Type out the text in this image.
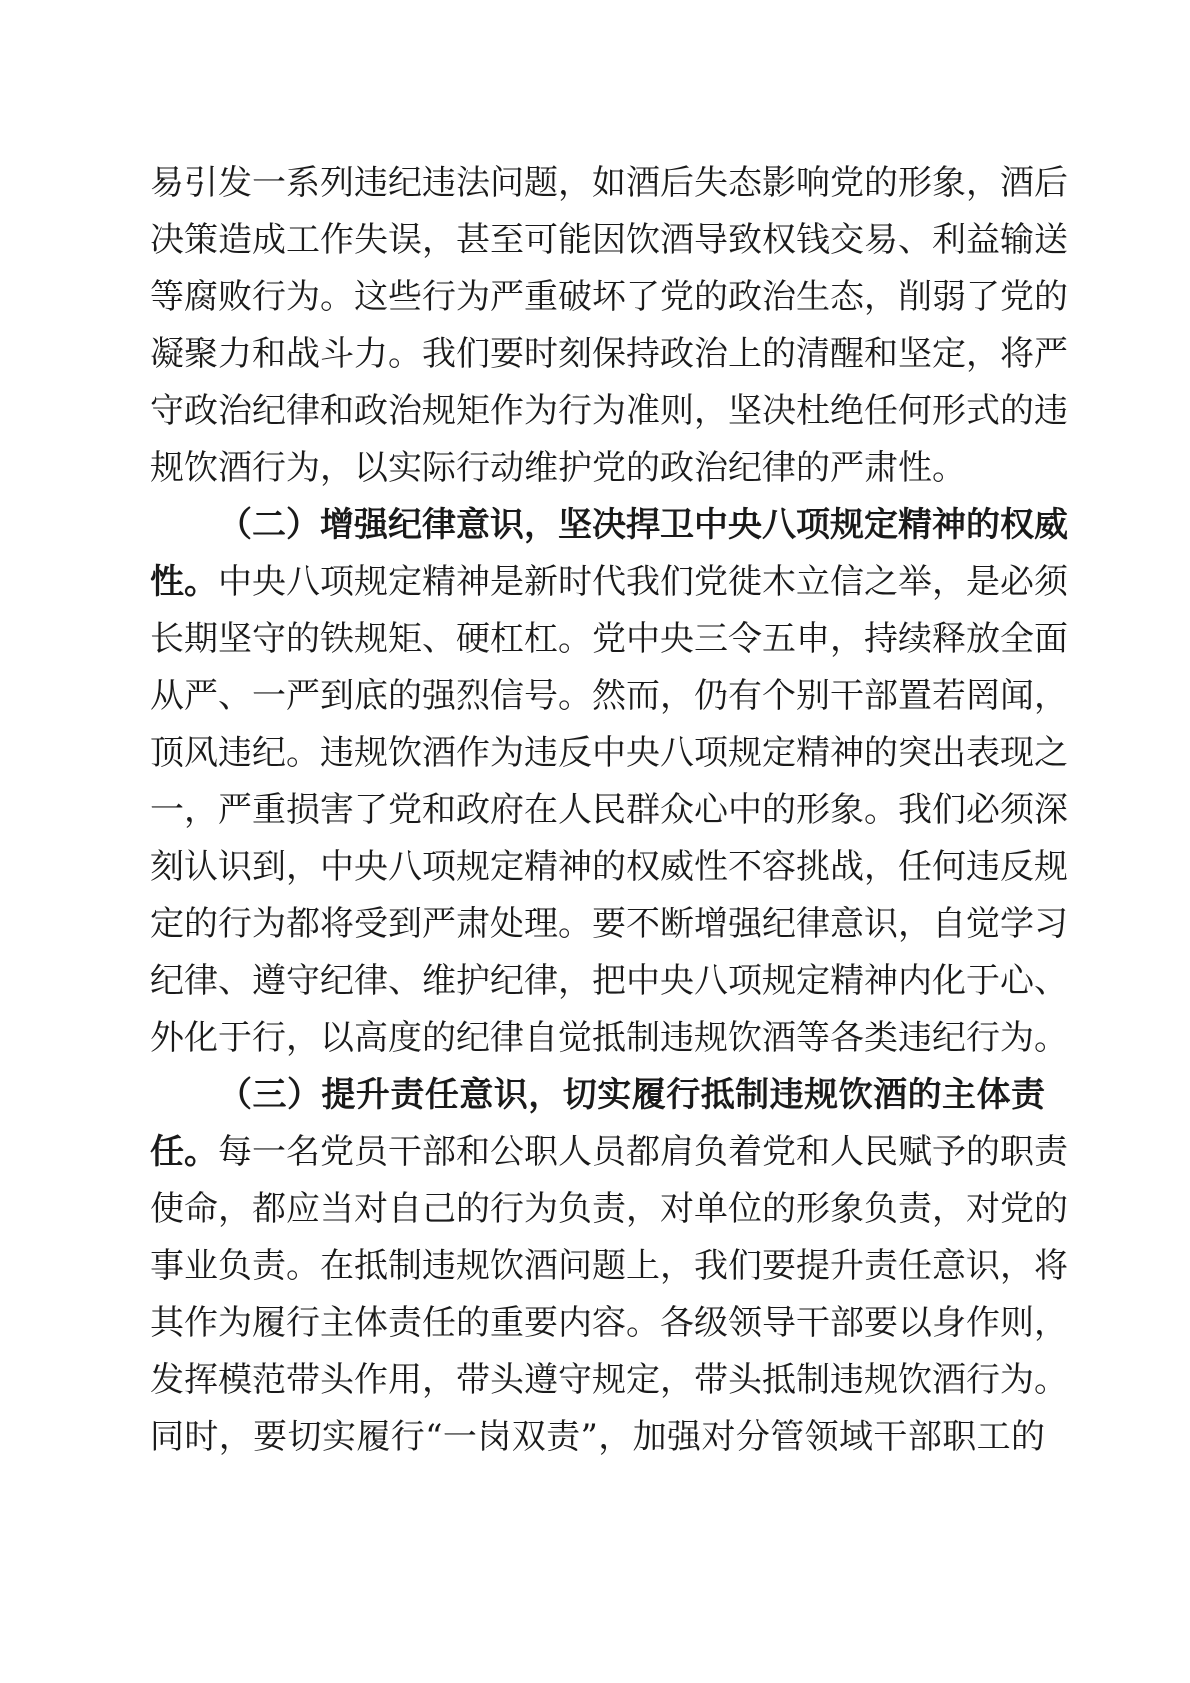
易引发一系列违纪违法问题，如酒后失态影响党的形象，酒后
决策造成工作失误，甚至可能因饮酒导致权钱交易、利益输送
等腐败行为。这些行为严重破坏了党的政治生态，削弱了党的
凝聚力和战斗力。我们要时刻保持政治上的清醒和坚定，将严
守政治纪律和政治规矩作为行为准则，坚决杜绝任何形式的违
规饮酒行为，以实际行动维护党的政治纪律的严肃性。
（二）增强纪律意识，坚决捍卫中央八项规定精神的权威
性。中央八项规定精神是新时代我们党徙木立信之举，是必须
长期坚守的铁规矩、硬杠杠。党中央三令五申，持续释放全面
从严、一严到底的强烈信号。然而，仍有个别干部置若罔闻，
顶风违纪。违规饮酒作为违反中央八项规定精神的突出表现之
一，严重损害了党和政府在人民群众心中的形象。我们必须深
刻认识到，中央八项规定精神的权威性不容挑战，任何违反规
定的行为都将受到严肃处理。要不断增强纪律意识，自觉学习
纪律、遵守纪律、维护纪律，把中央八项规定精神内化于心、
外化于行，以高度的纪律自觉抵制违规饮酒等各类违纪行为。
（三）提升责任意识，切实履行抵制违规饮酒的主体责
任。每一名党员干部和公职人员都肩负着党和人民赋予的职责
使命，都应当对自己的行为负责，对单位的形象负责，对党的
事业负责。在抵制违规饮酒问题上，我们要提升责任意识，将
其作为履行主体责任的重要内容。各级领导干部要以身作则，
发挥模范带头作用，带头遵守规定，带头抵制违规饮酒行为。
同时，要切实履行“一岗双责”，加强对分管领域干部职工的
